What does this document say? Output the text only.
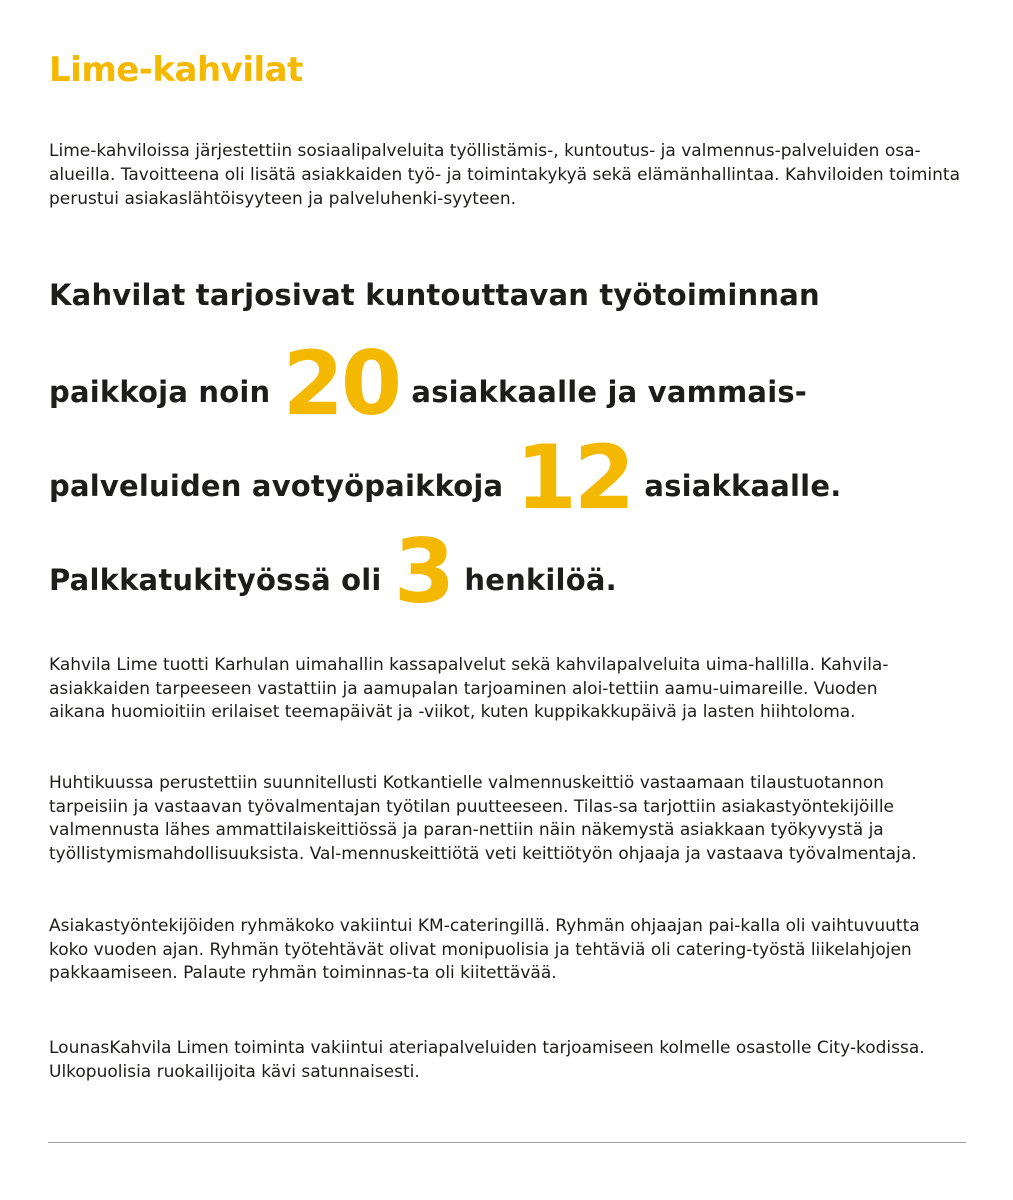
Lime-kahvilat

Lime-kahviloissa järjestettiin sosiaalipalveluita työllistämis-, kuntoutus- ja valmennus-palveluiden osa-alueilla. Tavoitteena oli lisätä asiakkaiden työ- ja toimintakykyä sekä elämänhallintaa. Kahviloiden toiminta perustui asiakaslähtöisyyteen ja palveluhenki-syyteen.

Kahvilat tarjosivat kuntouttavan työtoiminnan

paikkoja noin 20 asiakkaalle ja vammais-

palveluiden avotyöpaikkoja 12 asiakkaalle.

Palkkatukityössä oli 3 henkilöä.

Kahvila Lime tuotti Karhulan uimahallin kassapalvelut sekä kahvilapalveluita uima-hallilla. Kahvila-asiakkaiden tarpeeseen vastattiin ja aamupalan tarjoaminen aloi-tettiin aamu-uimareille. Vuoden aikana huomioitiin erilaiset teemapäivät ja -viikot, kuten kuppikakkupäivä ja lasten hiihtoloma.

Huhtikuussa perustettiin suunnitellusti Kotkantielle valmennuskeittiö vastaamaan tilaustuotannon tarpeisiin ja vastaavan työvalmentajan työtilan puutteeseen. Tilas-sa tarjottiin asiakastyöntekijöille valmennusta lähes ammattilaiskeittiössä ja paran-nettiin näin näkemystä asiakkaan työkyvystä ja työllistymismahdollisuuksista. Val-mennuskeittiötä veti keittiötyön ohjaaja ja vastaava työvalmentaja.

Asiakastyöntekijöiden ryhmäkoko vakiintui KM-cateringillä. Ryhmän ohjaajan pai-kalla oli vaihtuvuutta koko vuoden ajan. Ryhmän työtehtävät olivat monipuolisia ja tehtäviä oli catering-työstä liikelahjojen pakkaamiseen. Palaute ryhmän toiminnas-ta oli kiitettävää.

LounasKahvila Limen toiminta vakiintui ateriapalveluiden tarjoamiseen kolmelle osastolle City-kodissa. Ulkopuolisia ruokailijoita kävi satunnaisesti.
